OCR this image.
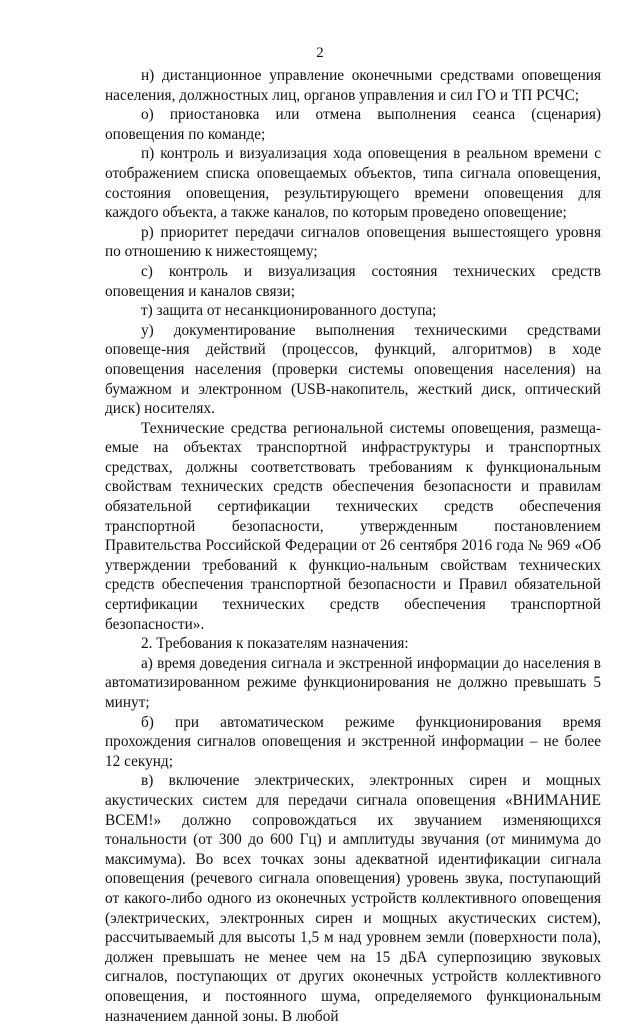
2

н) дистанционное управление оконечными средствами оповещения населения, должностных лиц, органов управления и сил ГО и ТП РСЧС;

о) приостановка или отмена выполнения сеанса (сценария) оповещения по команде;

п) контроль и визуализация хода оповещения в реальном времени с отображением списка оповещаемых объектов, типа сигнала оповещения, состояния оповещения, результирующего времени оповещения для каждого объекта, а также каналов, по которым проведено оповещение;

р) приоритет передачи сигналов оповещения вышестоящего уровня по отношению к нижестоящему;

с) контроль и визуализация состояния технических средств оповещения и каналов связи;

т) защита от несанкционированного доступа;

у) документирование выполнения техническими средствами оповеще-ния действий (процессов, функций, алгоритмов) в ходе оповещения населения (проверки системы оповещения населения) на бумажном и электронном (USB-накопитель, жесткий диск, оптический диск) носителях.

Технические средства региональной системы оповещения, размеща-емые на объектах транспортной инфраструктуры и транспортных средствах, должны соответствовать требованиям к функциональным свойствам технических средств обеспечения безопасности и правилам обязательной сертификации технических средств обеспечения транспортной безопасности, утвержденным постановлением Правительства Российской Федерации от 26 сентября 2016 года № 969 «Об утверждении требований к функцио-нальным свойствам технических средств обеспечения транспортной безопасности и Правил обязательной сертификации технических средств обеспечения транспортной безопасности».

2. Требования к показателям назначения:

а) время доведения сигнала и экстренной информации до населения в автоматизированном режиме функционирования не должно превышать 5 минут;

б) при автоматическом режиме функционирования время прохождения сигналов оповещения и экстренной информации – не более 12 секунд;

в) включение электрических, электронных сирен и мощных акустических систем для передачи сигнала оповещения «ВНИМАНИЕ ВСЕМ!» должно сопровождаться их звучанием изменяющихся тональности (от 300 до 600 Гц) и амплитуды звучания (от минимума до максимума). Во всех точках зоны адекватной идентификации сигнала оповещения (речевого сигнала оповещения) уровень звука, поступающий от какого-либо одного из оконечных устройств коллективного оповещения (электрических, электронных сирен и мощных акустических систем), рассчитываемый для высоты 1,5 м над уровнем земли (поверхности пола), должен превышать не менее чем на 15 дБА суперпозицию звуковых сигналов, поступающих от других оконечных устройств коллективного оповещения, и постоянного шума, определяемого функциональным назначением данной зоны. В любой
